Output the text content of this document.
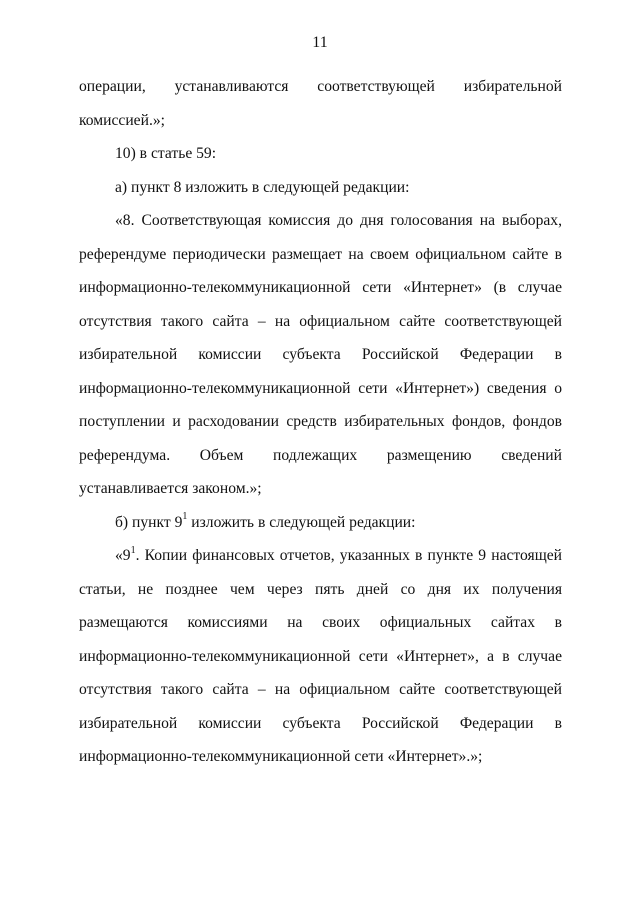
11

операции, устанавливаются соответствующей избирательной

комиссией.»;

10) в статье 59:

а) пункт 8 изложить в следующей редакции:

«8. Соответствующая комиссия до дня голосования на выборах, референдуме периодически размещает на своем официальном сайте в информационно-телекоммуникационной сети «Интернет» (в случае отсутствия такого сайта – на официальном сайте соответствующей избирательной комиссии субъекта Российской Федерации в информационно-телекоммуникационной сети «Интернет») сведения о поступлении и расходовании средств избирательных фондов, фондов референдума. Объем подлежащих размещению сведений устанавливается законом.»;

б) пункт $9^1$ изложить в следующей редакции:

«$9^1$. Копии финансовых отчетов, указанных в пункте 9 настоящей статьи, не позднее чем через пять дней со дня их получения размещаются комиссиями на своих официальных сайтах в информационно-телекоммуникационной сети «Интернет», а в случае отсутствия такого сайта – на официальном сайте соответствующей избирательной комиссии субъекта Российской Федерации в информационно-телекоммуникационной сети «Интернет».»;
